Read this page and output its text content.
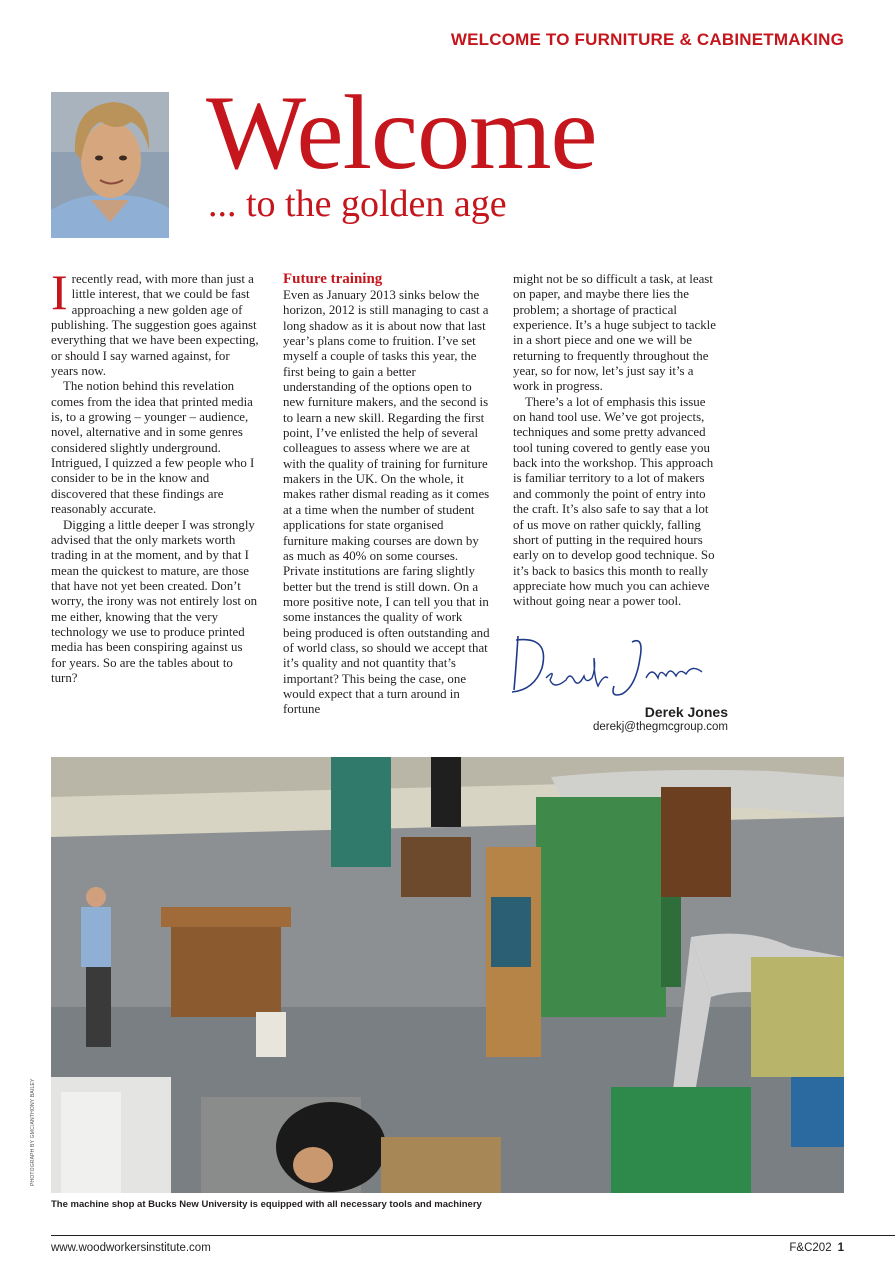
WELCOME TO FURNITURE & CABINETMAKING
Welcome
... to the golden age

Irecently read, with more than just a little interest, that we could be fast approaching a new golden age of publishing. The suggestion goes against everything that we have been expecting, or should I say warned against, for years now.

The notion behind this revelation comes from the idea that printed media is, to a growing – younger – audience, novel, alternative and in some genres considered slightly underground. Intrigued, I quizzed a few people who I consider to be in the know and discovered that these findings are reasonably accurate.

Digging a little deeper I was strongly advised that the only markets worth trading in at the moment, and by that I mean the quickest to mature, are those that have not yet been created. Don’t worry, the irony was not entirely lost on me either, knowing that the very technology we use to produce printed media has been conspiring against us for years. So are the tables about to turn?

Future training

Even as January 2013 sinks below the horizon, 2012 is still managing to cast a long shadow as it is about now that last year’s plans come to fruition. I’ve set myself a couple of tasks this year, the first being to gain a better understanding of the options open to new furniture makers, and the second is to learn a new skill. Regarding the first point, I’ve enlisted the help of several colleagues to assess where we are at with the quality of training for furniture makers in the UK. On the whole, it makes rather dismal reading as it comes at a time when the number of student applications for state organised furniture making courses are down by as much as 40% on some courses. Private institutions are faring slightly better but the trend is still down. On a more positive note, I can tell you that in some instances the quality of work being produced is often outstanding and of world class, so should we accept that it’s quality and not quantity that’s important? This being the case, one would expect that a turn around in fortune

might not be so difficult a task, at least on paper, and maybe there lies the problem; a shortage of practical experience. It’s a huge subject to tackle in a short piece and one we will be returning to frequently throughout the year, so for now, let’s just say it’s a work in progress.

There’s a lot of emphasis this issue on hand tool use. We’ve got projects, techniques and some pretty advanced tool tuning covered to gently ease you back into the workshop. This approach is familiar territory to a lot of makers and commonly the point of entry into the craft. It’s also safe to say that a lot of us move on rather quickly, falling short of putting in the required hours early on to develop good technique. So it’s back to basics this month to really appreciate how much you can achieve without going near a power tool.

Derek Jones
derekj@thegmcgroup.com
PHOTOGRAPH BY GMC/ANTHONY BAILEY
The machine shop at Bucks New University is equipped with all necessary tools and machinery
www.woodworkersinstitute.com	F&C202 1
